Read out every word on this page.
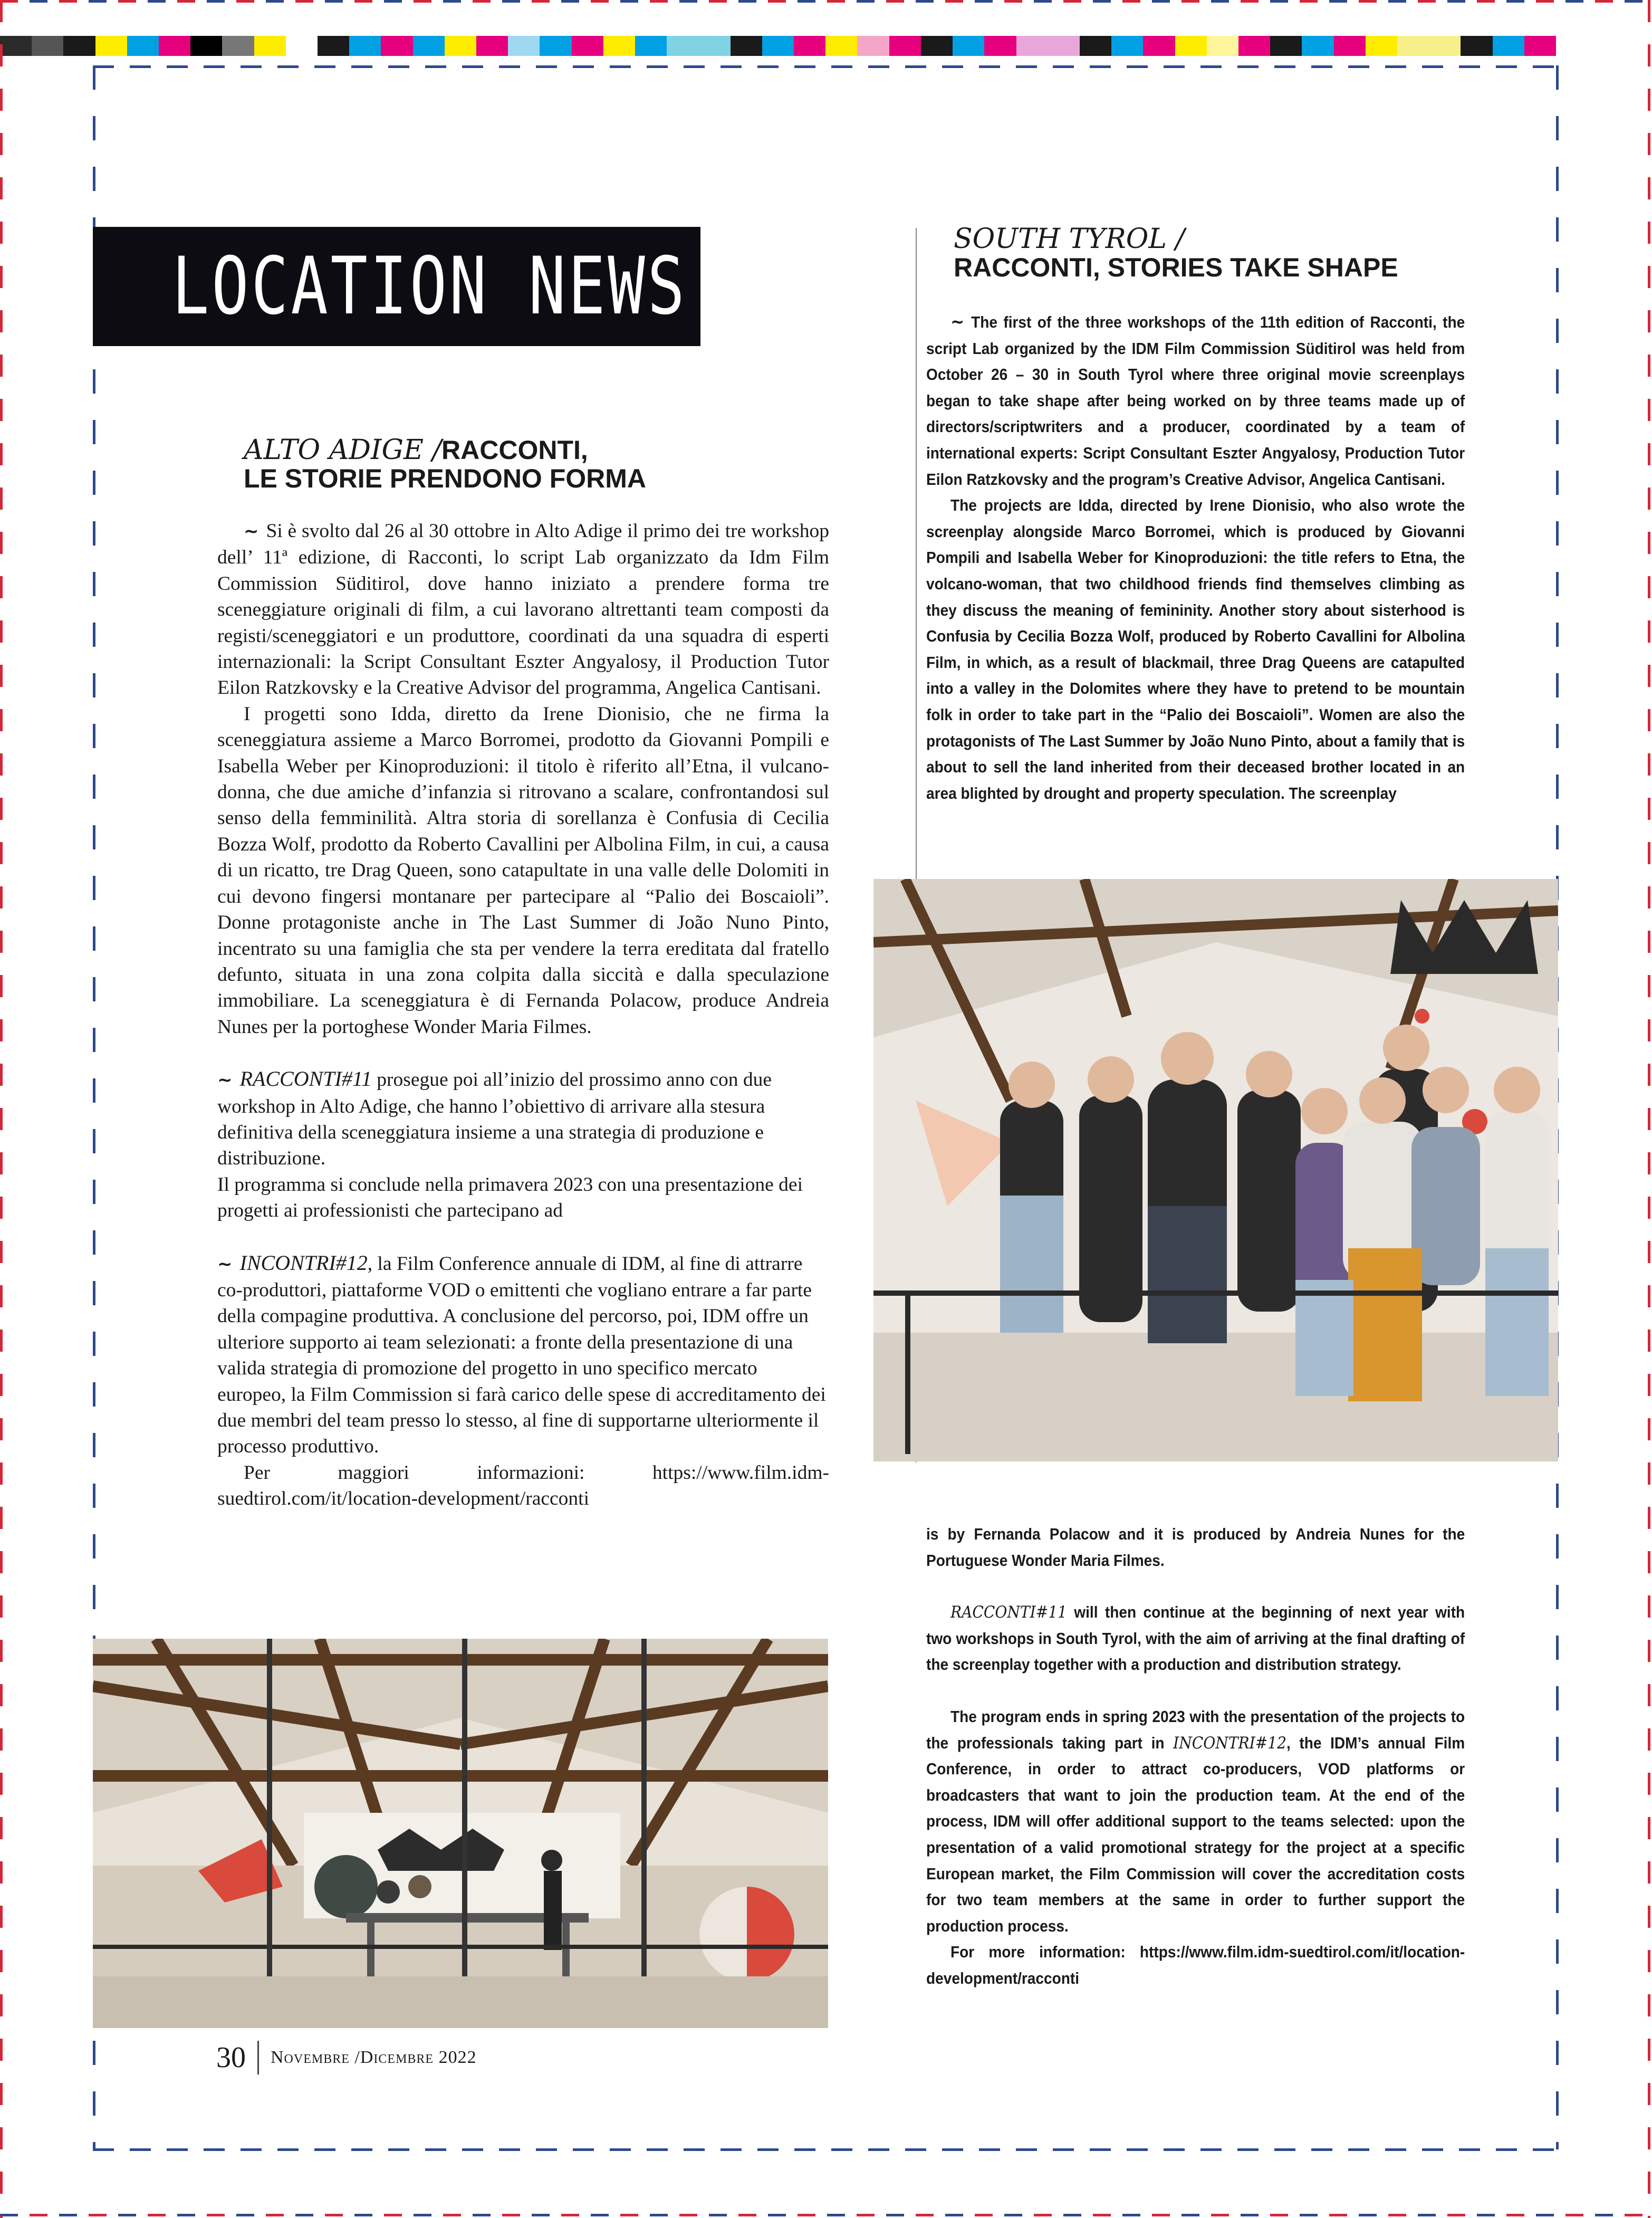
LOCATION NEWS
ALTO ADIGE /RACCONTI,
LE STORIE PRENDONO FORMA

~ Si è svolto dal 26 al 30 ottobre in Alto Adige il primo dei tre workshop dell’ 11ª edizione, di Racconti, lo script Lab organizzato da Idm Film Commission Süditirol, dove hanno iniziato a prendere forma tre sceneggiature originali di film, a cui lavorano altrettanti team composti da registi/sceneggiatori e un produttore, coordinati da una squadra di esperti internazionali: la Script Consultant Eszter Angyalosy, il Production Tutor Eilon Ratzkovsky e la Creative Advisor del programma, Angelica Cantisani.

I progetti sono Idda, diretto da Irene Dionisio, che ne firma la sceneggiatura assieme a Marco Borromei, prodotto da Giovanni Pompili e Isabella Weber per Kinoproduzioni: il titolo è riferito all’Etna, il vulcano-donna, che due amiche d’infanzia si ritrovano a scalare, confrontandosi sul senso della femminilità. Altra storia di sorellanza è Confusia di Cecilia Bozza Wolf, prodotto da Roberto Cavallini per Albolina Film, in cui, a causa di un ricatto, tre Drag Queen, sono catapultate in una valle delle Dolomiti in cui devono fingersi montanare per partecipare al “Palio dei Boscaioli”. Donne protagoniste anche in The Last Summer di João Nuno Pinto, incentrato su una famiglia che sta per vendere la terra ereditata dal fratello defunto, situata in una zona colpita dalla siccità e dalla speculazione immobiliare. La sceneggiatura è di Fernanda Polacow, produce Andreia Nunes per la portoghese Wonder Maria Filmes.

~ RACCONTI#11 prosegue poi all’inizio del prossimo anno con due workshop in Alto Adige, che hanno l’obiettivo di arrivare alla stesura definitiva della sceneggiatura insieme a una strategia di produzione e distribuzione.

Il programma si conclude nella primavera 2023 con una presentazione dei progetti ai professionisti che partecipano ad

~ INCONTRI#12, la Film Conference annuale di IDM, al fine di attrarre co-produttori, piattaforme VOD o emittenti che vogliano entrare a far parte della compagine produttiva. A conclusione del percorso, poi, IDM offre un ulteriore supporto ai team selezionati: a fronte della presentazione di una valida strategia di promozione del progetto in uno specifico mercato europeo, la Film Commission si farà carico delle spese di accreditamento dei due membri del team presso lo stesso, al fine di supportarne ulteriormente il processo produttivo.

Per maggiori informazioni: https://www.film.idm-suedtirol.com/it/location-development/racconti

SOUTH TYROL /
RACCONTI, STORIES TAKE SHAPE

~ The first of the three workshops of the 11th edition of Racconti, the script Lab organized by the IDM Film Commission Süditirol was held from October 26 – 30 in South Tyrol where three original movie screenplays began to take shape after being worked on by three teams made up of directors/scriptwriters and a producer, coordinated by a team of international experts: Script Consultant Eszter Angyalosy, Production Tutor Eilon Ratzkovsky and the program’s Creative Advisor, Angelica Cantisani.

The projects are Idda, directed by Irene Dionisio, who also wrote the screenplay alongside Marco Borromei, which is produced by Giovanni Pompili and Isabella Weber for Kinoproduzioni: the title refers to Etna, the volcano-woman, that two childhood friends find themselves climbing as they discuss the meaning of femininity. Another story about sisterhood is Confusia by Cecilia Bozza Wolf, produced by Roberto Cavallini for Albolina Film, in which, as a result of blackmail, three Drag Queens are catapulted into a valley in the Dolomites where they have to pretend to be mountain folk in order to take part in the “Palio dei Boscaioli”. Women are also the protagonists of The Last Summer by João Nuno Pinto, about a family that is about to sell the land inherited from their deceased brother located in an area blighted by drought and property speculation. The screenplay

is by Fernanda Polacow and it is produced by Andreia Nunes for the Portuguese Wonder Maria Filmes.

RACCONTI#11 will then continue at the beginning of next year with two workshops in South Tyrol, with the aim of arriving at the final drafting of the screenplay together with a production and distribution strategy.

The program ends in spring 2023 with the presentation of the projects to the professionals taking part in INCONTRI#12, the IDM’s annual Film Conference, in order to attract co-producers, VOD platforms or broadcasters that want to join the production team. At the end of the process, IDM will offer additional support to the teams selected: upon the presentation of a valid promotional strategy for the project at a specific European market, the Film Commission will cover the accreditation costs for two team members at the same in order to further support the production process.

For more information: https://www.film.idm-suedtirol.com/it/location-development/racconti

30 Novembre /Dicembre 2022
